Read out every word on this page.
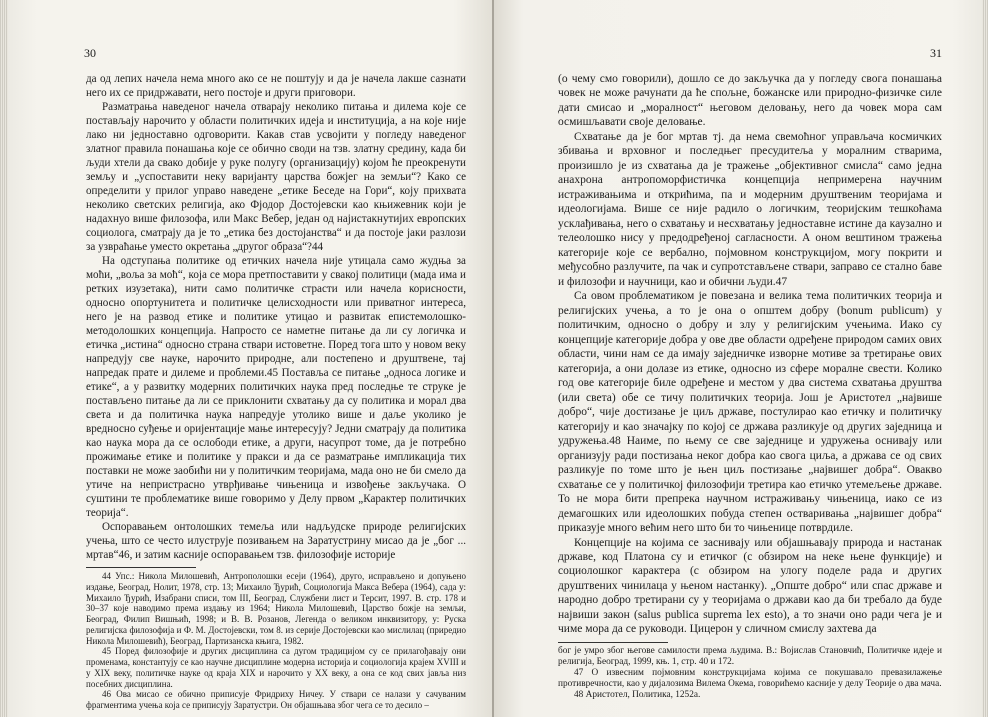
30

да од лепих начела нема много ако се не поштују и да је начела лакше сазнати него их се придржавати, него постоје и други приговори.

Разматрања наведеног начела отварају неколико питања и дилема које се постављају нарочито у области политичких идеја и институција, а на које није лако ни једноставно одговорити. Какав став усвојити у погледу наведеног златног правила понашања које се обично своди на тзв. златну средину, када би људи хтели да свако добије у руке полугу (организацију) којом ће преокренути земљу и „успоставити неку варијанту царства божјег на земљи“? Како се определити у прилог управо наведене „етике Беседе на Гори“, коју прихвата неколико светских религија, ако Фјодор Достојевски као књижевник који је надахнуо више филозофа, или Макс Вебер, један од најистакнутијих европских социолога, сматрају да је то „етика без достојанства“ и да постоје јаки разлози за узвраћање уместо окретања „другог образа“?44

На одступања политике од етичких начела није утицала само жудња за моћи, „воља за моћ“, која се мора претпоставити у свакој политици (мада има и ретких изузетака), нити само политичке страсти или начела корисности, односно опортунитета и политичке целисходности или приватног интереса, него је на развод етике и политике утицао и развитак епистемолошко-методолошких концепција. Напросто се наметне питање да ли су логичка и етичка „истина“ односно страна ствари истоветне. Поред тога што у новом веку напредују све науке, нарочито природне, али постепено и друштвене, тај напредак прате и дилеме и проблеми.45 Постављa се питање „односа логике и етике“, а у развитку модерних политичких наука пред последње те струке је постављено питање да ли се приклонити схватању да су политика и морал два света и да политичка наука напредује утолико више и даље уколико је вредносно суђење и оријентације мање интересују? Једни сматрају да политика као наука мора да се ослободи етике, а други, насупрот томе, да је потребно прожимање етике и политике у пракси и да се разматрање импликација тих поставки не може заобићи ни у политичким теоријама, мада оно не би смело да утиче на непристрасно утврђивање чињеница и извођење закључака. О суштини те проблематике више говоримо у Делу првом „Карактер политичких теорија“.

Оспоравањем онтолошких темеља или надљудске природе религијских учења, што се често илуструје позивањем на Заратустрину мисао да је „бог ... мртав“46, и затим касније оспоравањем тзв. филозофије историје

44 Упс.: Никола Милошевић, Антрополошки есеји (1964), друго, исправљено и допуњено издање, Београд, Нолит, 1978, стр. 13; Михаило Ђурић, Социологија Макса Вебера (1964), сада у: Михаило Ђурић, Изабрани списи, том III, Београд, Службени лист и Терсит, 1997. В. стр. 178 и 30–37 које наводимо према издању из 1964; Никола Милошевић, Царство божје на земљи, Београд, Филип Вишњић, 1998; и В. В. Розанов, Легенда о великом инквизитору, у: Руска религијска филозофија и Ф. М. Достојевски, том 8. из серије Достојевски као мислилац (приредио Никола Милошевић), Београд, Партизанска књига, 1982.

45 Поред филозофије и других дисциплина са дугом традицијом су се прилагођавају они променама, константују се као научне дисциплине модерна историја и социологија крајем XVIII и у XIX веку, политичке науке од краја XIX и нарочито у XX веку, а она се код свих јавља низ посебних дисциплина.

46 Ова мисао се обично приписује Фридриху Ничеу. У ствари се налази у сачуваним фрагментима учења која се приписују Заратустри. Он објашњава због чега се то десило –

31

(о чему смо говорили), дошло се до закључка да у погледу свога понашања човек не може рачунати да ће спољне, божанске или природно-физичке силе дати смисао и „моралност“ његовом деловању, него да човек мора сам осмишљавати своје деловање.

Схватање да је бог мртав тј. да нема свемоћног управљача космичких збивања и врховног и последњег пресудитеља у моралним стварима, произишло је из схватања да је тражење „објективног смисла“ само једна анахрона антропоморфистичка концепција непримерена научним истраживањима и открићима, па и модерним друштвеним теоријама и идеологијама. Више се није радило о логичким, теоријским тешкоћама усклађивања, него о схватању и несхватању једноставне истине да каузално и телеолошко нису у предодређеној сагласности. А оном вештином тражења категорије које се вербално, појмовном конструкцијом, могу покрити и међусобно разлучите, па чак и супротстављене ствари, заправо се стално баве и филозофи и научници, као и обични људи.47

Са овом проблематиком је повезана и велика тема политичких теорија и религијских учења, а то је она о општем добру (bonum publicum) у политичким, односно о добру и злу у религијским учењима. Иако су концепције категорије добра у ове две области одређене природом самих ових области, чини нам се да имају заједничке изворне мотиве за третирање ових категорија, а они долазе из етике, односно из сфере моралне свести. Колико год ове категорије биле одређене и местом у два система схватања друштва (или света) обе се тичу политичких теорија. Још је Аристотел „највише добро“, чије достизање је циљ државе, постулирао као етичку и политичку категорију и као значајку по којој се држава разликује од других заједница и удружења.48 Наиме, по њему се све заједнице и удружења оснивају или организују ради постизања неког добра као свога циља, а држава се од свих разликује по томе што је њен циљ постизање „највишег добра“. Овакво схватање се у политичкој филозофији третира као етичко утемељење државе. То не мора бити препрека научном истраживању чињеница, иако се из демагошких или идеолошких побуда степен остваривања „највишег добра“ приказује много већим него што би то чињенице потврдиле.

Концепције на којима се заснивају или објашњавају природа и настанак државе, код Платона су и етичког (с обзиром на неке њене функције) и социолошког карактера (с обзиром на улогу поделе рада и других друштвених чинилаца у њеном настанку). „Опште добро“ или спас државе и народно добро третирани су у теоријама о држави као да би требало да буде највиши закон (salus publica suprema lex esto), а то значи оно ради чега је и чиме мора да се руководи. Цицерон у сличном смислу захтева да

бог је умро због његове самилости према људима. В.: Војислав Становчић, Политичке идеје и религија, Београд, 1999, књ. 1, стр. 40 и 172.

47 О извесним појмовним конструкцијама којима се покушавало превазилажење противречности, као у дијалозима Вилема Окема, говорићемо касније у делу Теорије о два мача.

48 Аристотел, Политика, 1252а.
